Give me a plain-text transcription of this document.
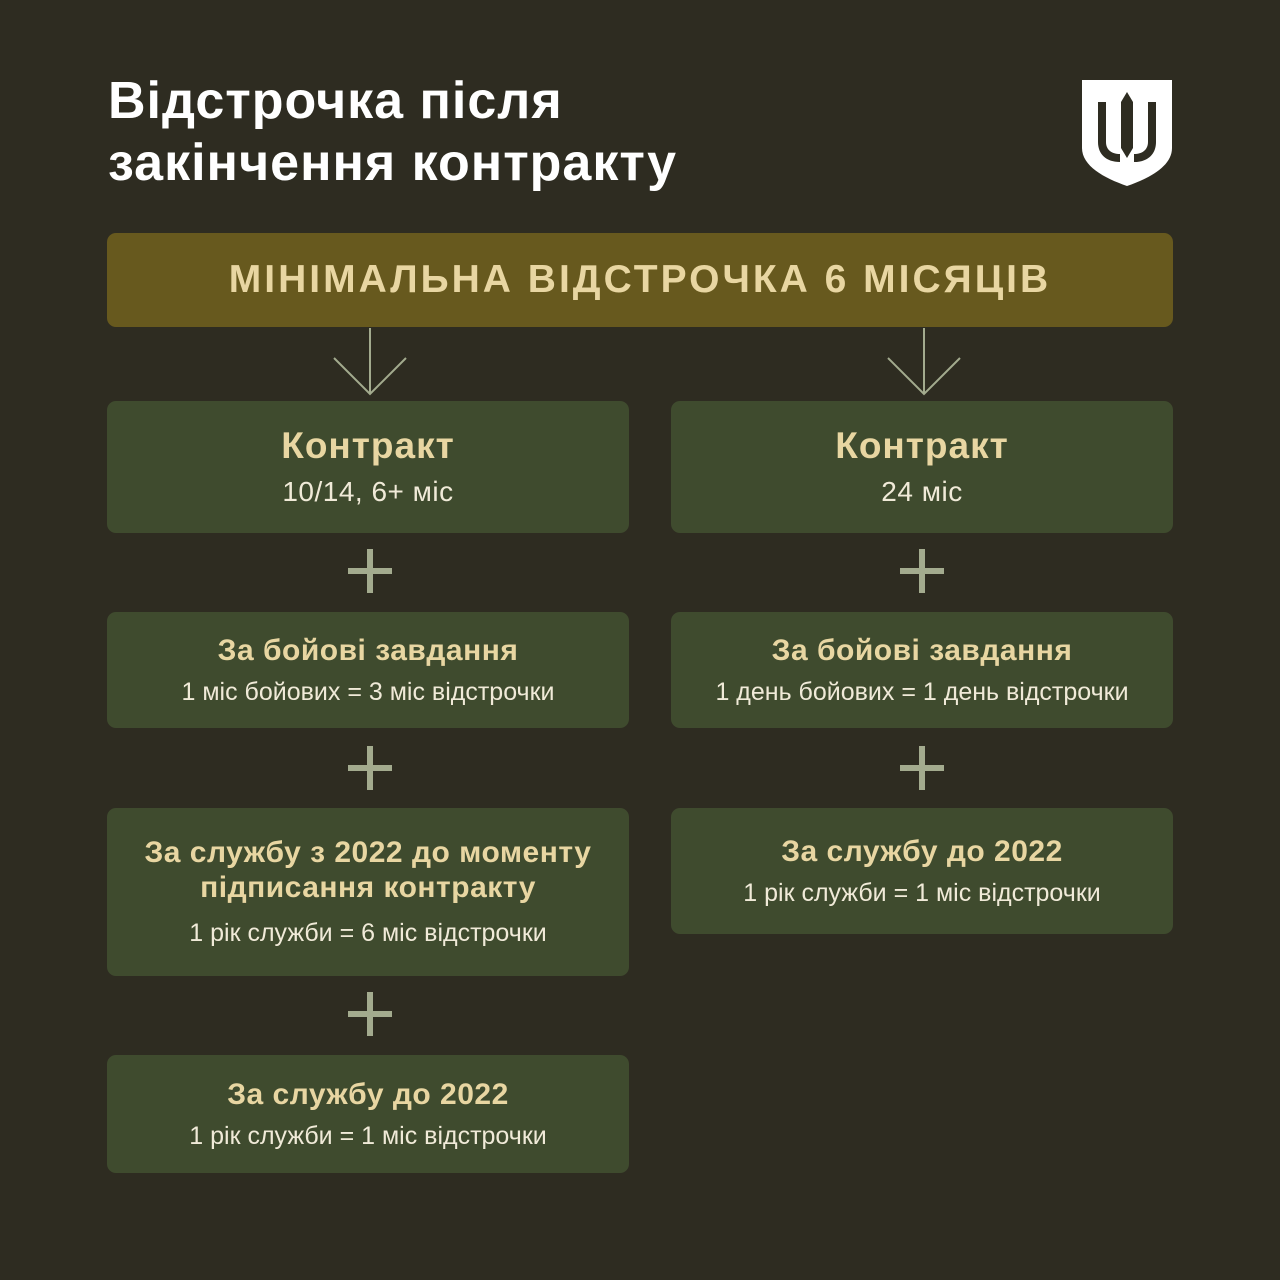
Відстрочка після
закінчення контракту
МІНІМАЛЬНА ВІДСТРОЧКА 6 МІСЯЦІВ
Контракт
10/14, 6+ міс
За бойові завдання
1 міс бойових = 3 міс відстрочки
За службу з 2022 до моменту
підписання контракту
1 рік служби = 6 міс відстрочки
За службу до 2022
1 рік служби = 1 міс відстрочки
Контракт
24 міс
За бойові завдання
1 день бойових = 1 день відстрочки
За службу до 2022
1 рік служби = 1 міс відстрочки
